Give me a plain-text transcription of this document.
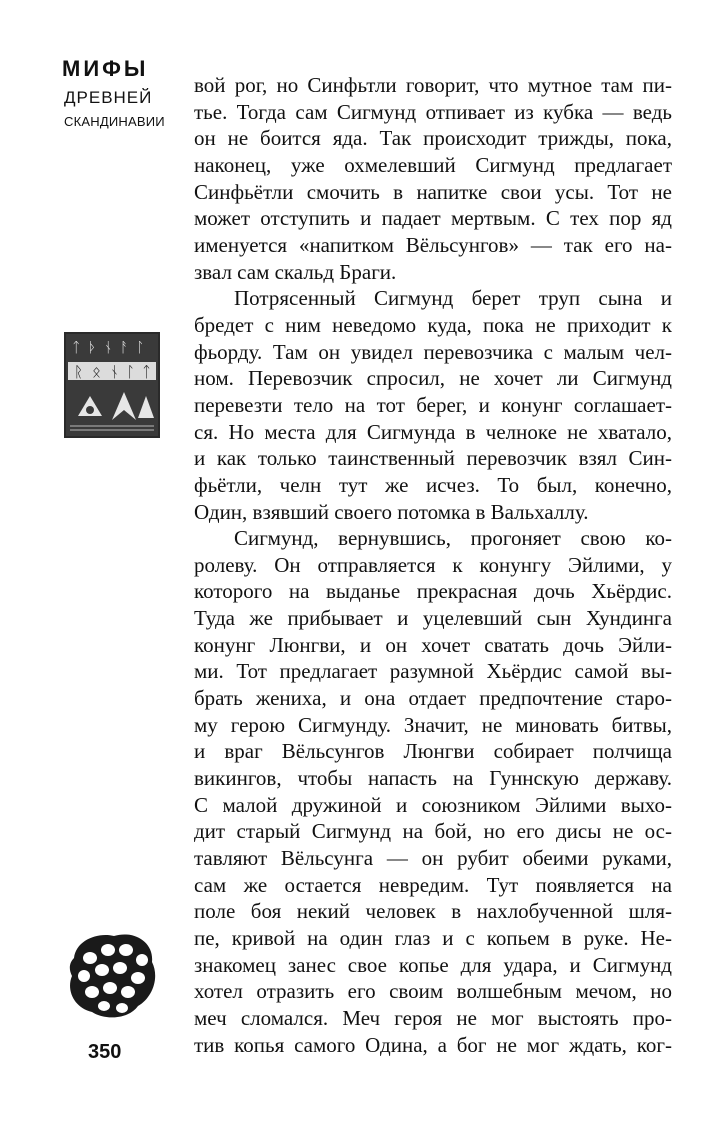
МИФЫ
ДРЕВНЕЙ
СКАНДИНАВИИ
ᛏ ᚦ ᚾ ᚨ ᛚ
ᚱ ᛟ ᚾ ᛚ ᛏ
350
вой рог, но Синфьтли говорит, что мутное там пи-
тье. Тогда сам Сигмунд отпивает из кубка — ведь
он не боится яда. Так происходит трижды, пока,
наконец, уже охмелевший Сигмунд предлагает
Синфьётли смочить в напитке свои усы. Тот не
может отступить и падает мертвым. С тех пор яд
именуется «напитком Вёльсунгов» — так его на-
звал сам скальд Браги.
Потрясенный Сигмунд берет труп сына и
бредет с ним неведомо куда, пока не приходит к
фьорду. Там он увидел перевозчика с малым чел-
ном. Перевозчик спросил, не хочет ли Сигмунд
перевезти тело на тот берег, и конунг соглашает-
ся. Но места для Сигмунда в челноке не хватало,
и как только таинственный перевозчик взял Син-
фьётли, челн тут же исчез. То был, конечно,
Один, взявший своего потомка в Вальхаллу.
Сигмунд, вернувшись, прогоняет свою ко-
ролеву. Он отправляется к конунгу Эйлими, у
которого на выданье прекрасная дочь Хьёрдис.
Туда же прибывает и уцелевший сын Хундинга
конунг Люнгви, и он хочет сватать дочь Эйли-
ми. Тот предлагает разумной Хьёрдис самой вы-
брать жениха, и она отдает предпочтение старо-
му герою Сигмунду. Значит, не миновать битвы,
и враг Вёльсунгов Люнгви собирает полчища
викингов, чтобы напасть на Гуннскую державу.
С малой дружиной и союзником Эйлими выхо-
дит старый Сигмунд на бой, но его дисы не ос-
тавляют Вёльсунга — он рубит обеими руками,
сам же остается невредим. Тут появляется на
поле боя некий человек в нахлобученной шля-
пе, кривой на один глаз и с копьем в руке. Не-
знакомец занес свое копье для удара, и Сигмунд
хотел отразить его своим волшебным мечом, но
меч сломался. Меч героя не мог выстоять про-
тив копья самого Одина, а бог не мог ждать, ког-
